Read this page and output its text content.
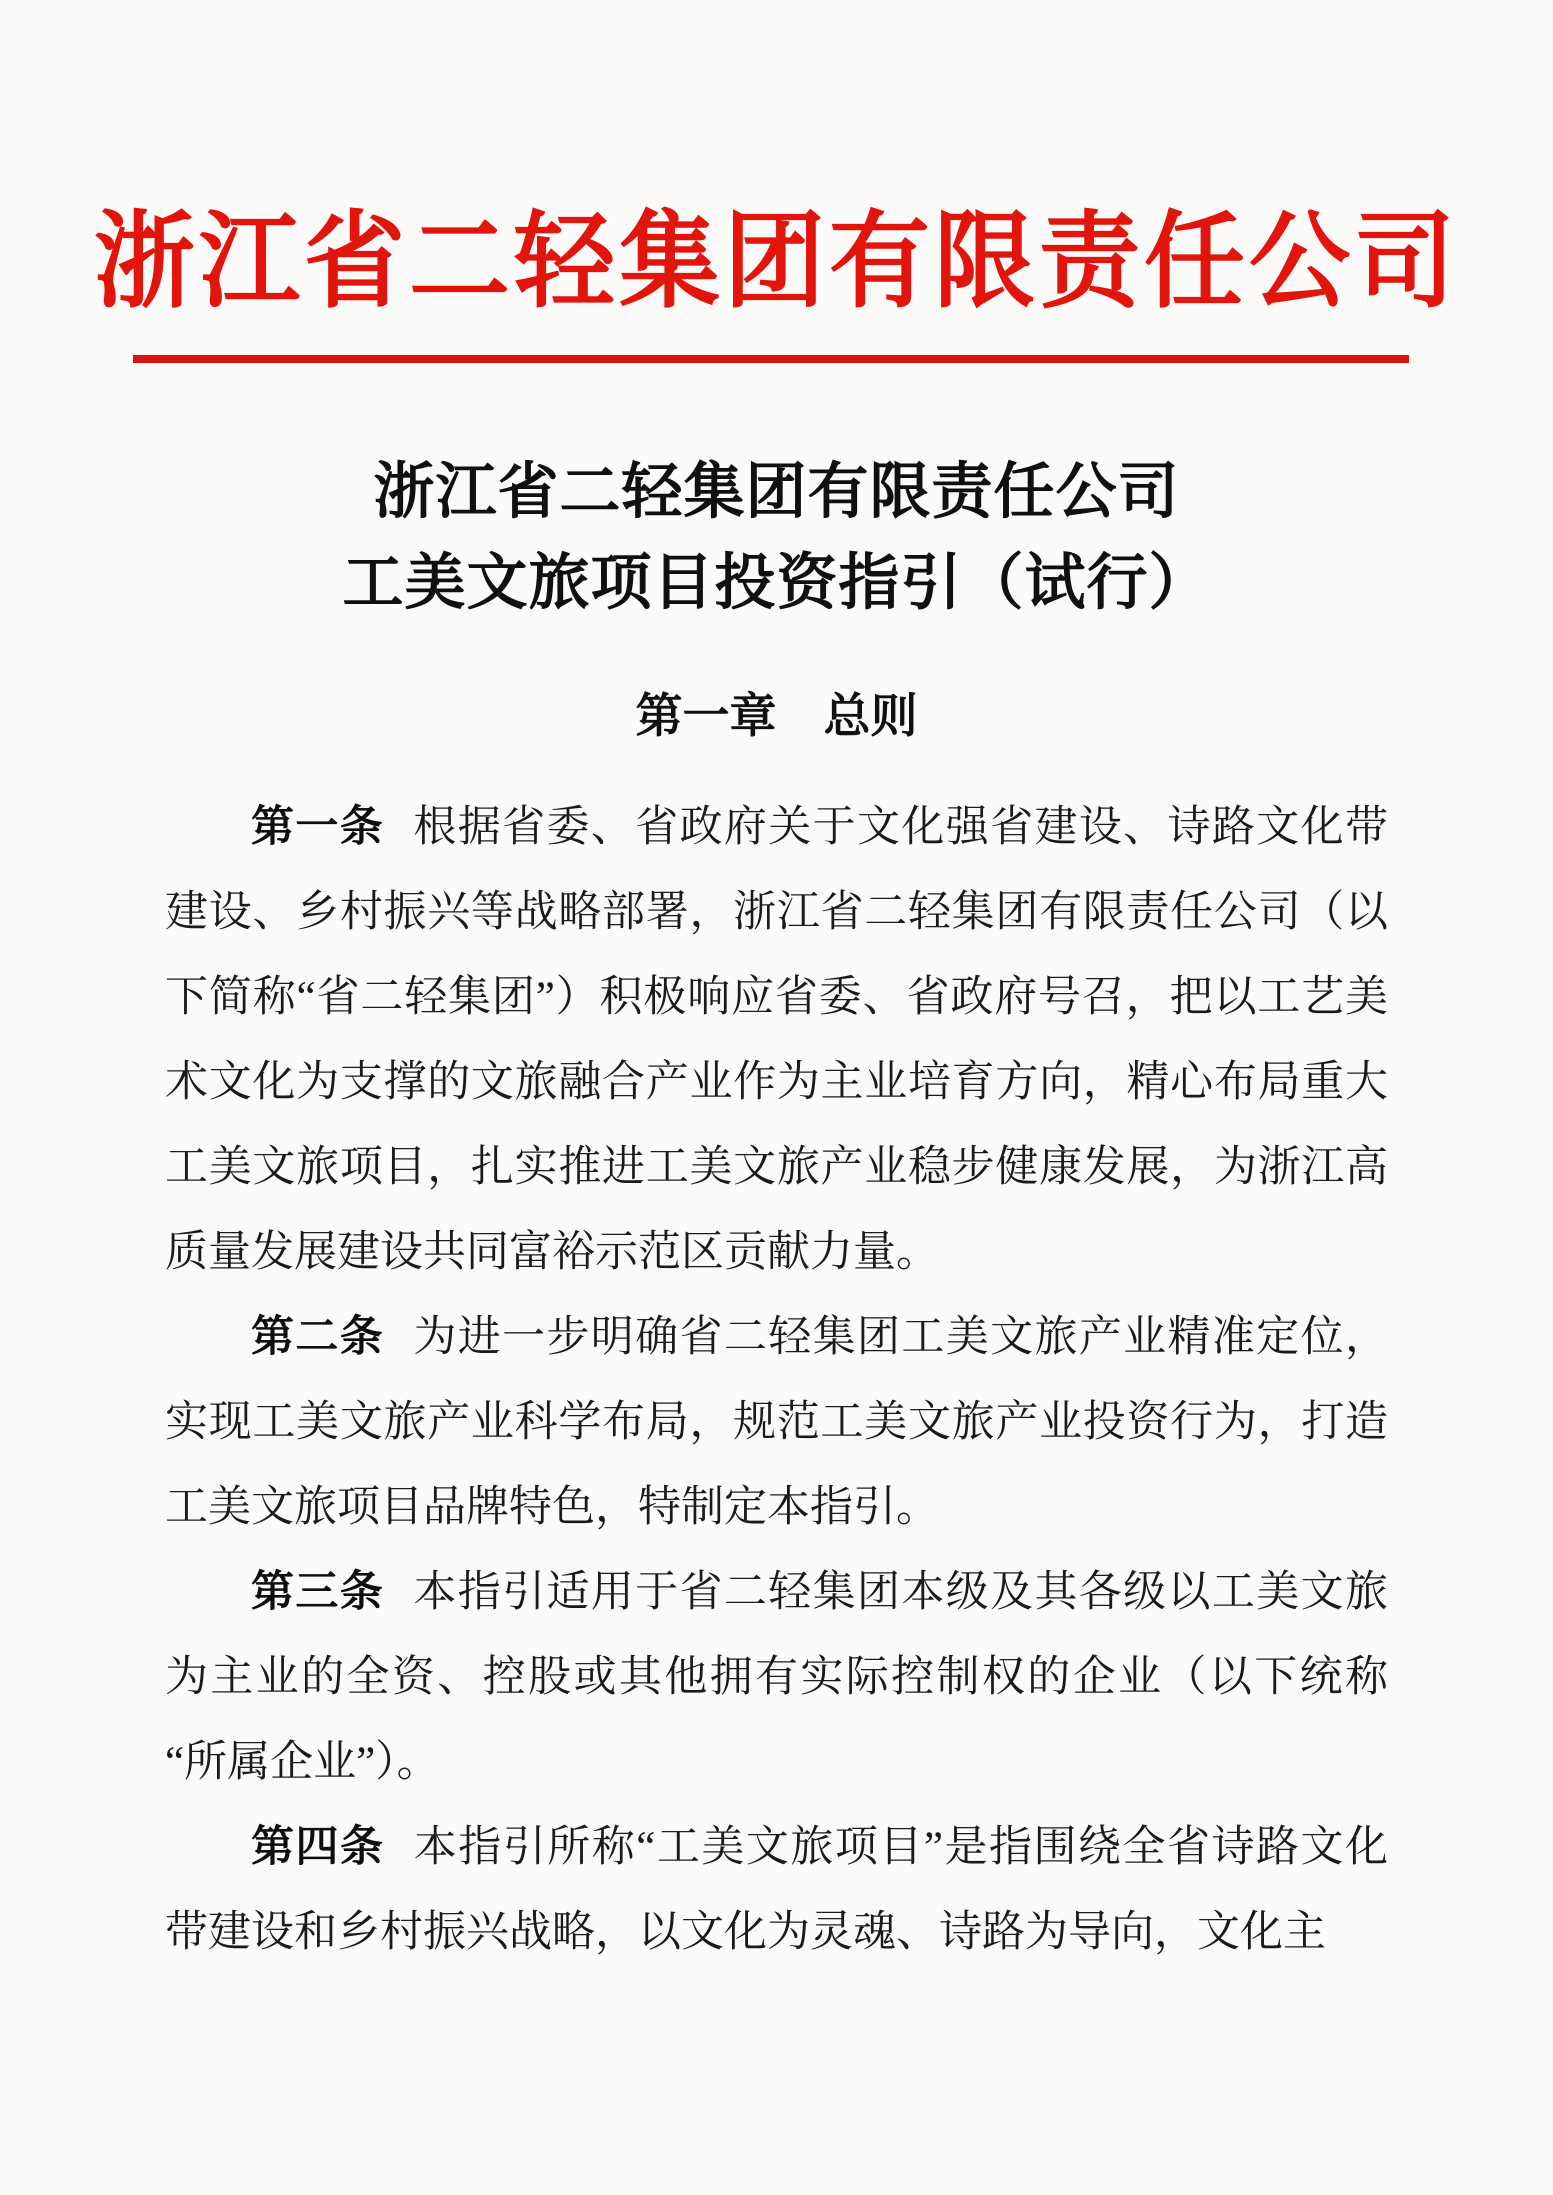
浙江省二轻集团有限责任公司
浙江省二轻集团有限责任公司
工美文旅项目投资指引（试行）
第一章　总则

第一条 根据省委、省政府关于文化强省建设、诗路文化带建设、乡村振兴等战略部署，浙江省二轻集团有限责任公司（以下简称“省二轻集团”）积极响应省委、省政府号召，把以工艺美术文化为支撑的文旅融合产业作为主业培育方向，精心布局重大工美文旅项目，扎实推进工美文旅产业稳步健康发展，为浙江高质量发展建设共同富裕示范区贡献力量。

第二条 为进一步明确省二轻集团工美文旅产业精准定位，实现工美文旅产业科学布局，规范工美文旅产业投资行为，打造工美文旅项目品牌特色，特制定本指引。

第三条 本指引适用于省二轻集团本级及其各级以工美文旅为主业的全资、控股或其他拥有实际控制权的企业（以下统称“所属企业”）。

第四条 本指引所称“工美文旅项目”是指围绕全省诗路文化带建设和乡村振兴战略，以文化为灵魂、诗路为导向，文化主
